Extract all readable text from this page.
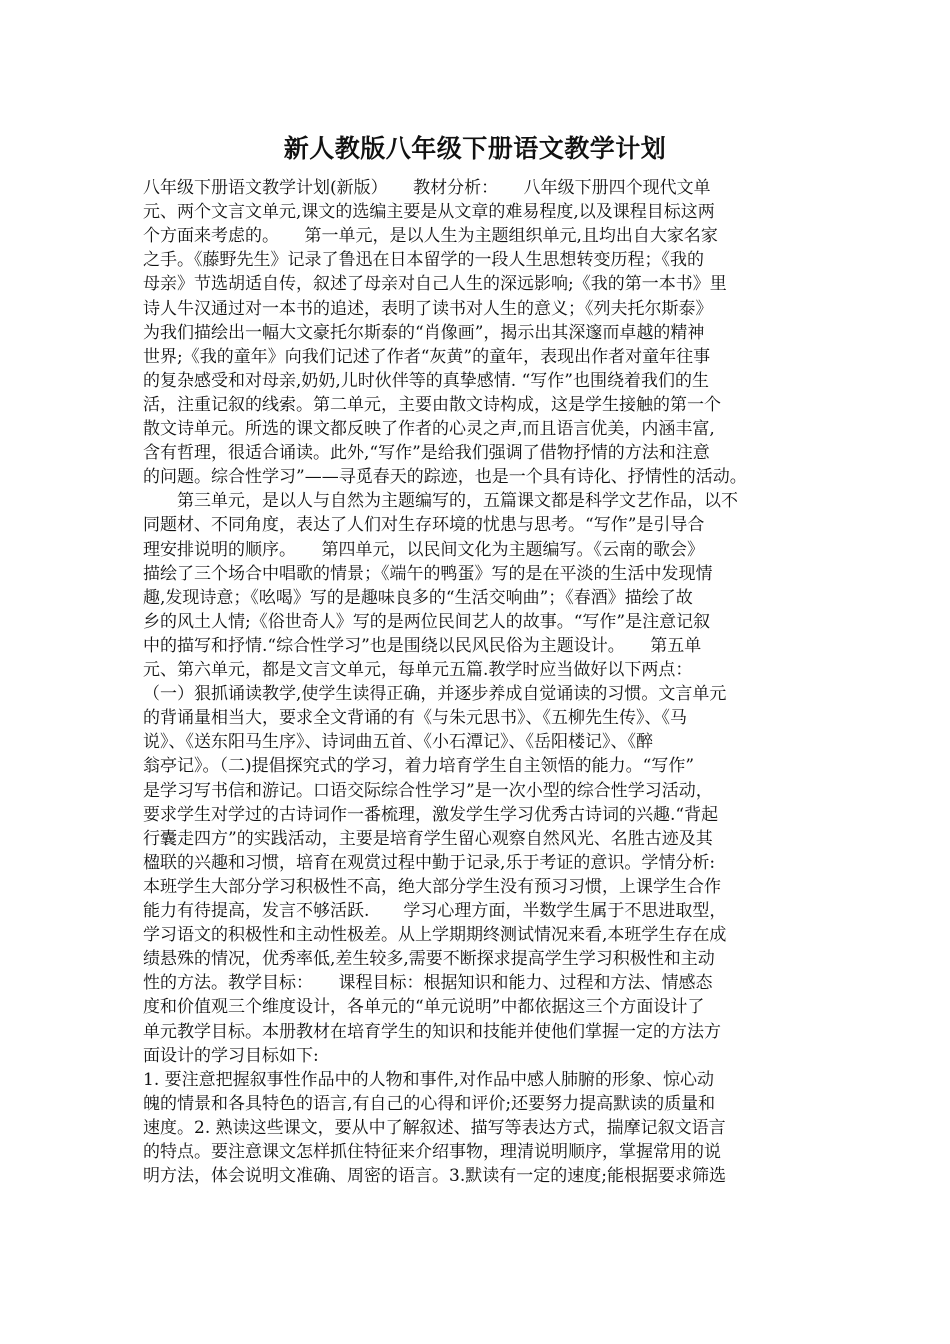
新人教版八年级下册语文教学计划

八年级下册语文教学计划(新版）　　教材分析：　　八年级下册四个现代文单

元、两个文言文单元,课文的选编主要是从文章的难易程度,以及课程目标这两

个方面来考虑的。　　第一单元，是以人生为主题组织单元,且均出自大家名家

之手。《藤野先生》记录了鲁迅在日本留学的一段人生思想转变历程；《我的

母亲》节选胡适自传，叙述了母亲对自己人生的深远影响;《我的第一本书》里

诗人牛汉通过对一本书的追述，表明了读书对人生的意义；《列夫托尔斯泰》

为我们描绘出一幅大文豪托尔斯泰的“肖像画”，揭示出其深邃而卓越的精神

世界;《我的童年》向我们记述了作者“灰黄”的童年，表现出作者对童年往事

的复杂感受和对母亲,奶奶,儿时伙伴等的真挚感情. “写作”也围绕着我们的生

活，注重记叙的线索。第二单元，主要由散文诗构成，这是学生接触的第一个

散文诗单元。所选的课文都反映了作者的心灵之声,而且语言优美，内涵丰富,

含有哲理，很适合诵读。此外,“写作”是给我们强调了借物抒情的方法和注意

的问题。综合性学习”——寻觅春天的踪迹，也是一个具有诗化、抒情性的活动。

　　第三单元，是以人与自然为主题编写的，五篇课文都是科学文艺作品，以不

同题材、不同角度，表达了人们对生存环境的忧患与思考。“写作”是引导合

理安排说明的顺序。　　第四单元，以民间文化为主题编写。《云南的歌会》

描绘了三个场合中唱歌的情景；《端午的鸭蛋》写的是在平淡的生活中发现情

趣,发现诗意；《吆喝》写的是趣味良多的“生活交响曲”；《春酒》描绘了故

乡的风土人情;《俗世奇人》写的是两位民间艺人的故事。“写作”是注意记叙

中的描写和抒情.“综合性学习”也是围绕以民风民俗为主题设计。　　第五单

元、第六单元，都是文言文单元，每单元五篇.教学时应当做好以下两点：

（一）狠抓诵读教学,使学生读得正确，并逐步养成自觉诵读的习惯。文言单元

的背诵量相当大，要求全文背诵的有《与朱元思书》、《五柳先生传》、《马

说》、《送东阳马生序》、诗词曲五首、《小石潭记》、《岳阳楼记》、《醉

翁亭记》。（二)提倡探究式的学习，着力培育学生自主领悟的能力。“写作”

是学习写书信和游记。口语交际综合性学习”是一次小型的综合性学习活动，

要求学生对学过的古诗词作一番梳理，激发学生学习优秀古诗词的兴趣.“背起

行囊走四方”的实践活动，主要是培育学生留心观察自然风光、名胜古迹及其

楹联的兴趣和习惯，培育在观赏过程中勤于记录,乐于考证的意识。学情分析:

本班学生大部分学习积极性不高，绝大部分学生没有预习习惯，上课学生合作

能力有待提高，发言不够活跃.　　学习心理方面，半数学生属于不思进取型，

学习语文的积极性和主动性极差。从上学期期终测试情况来看,本班学生存在成

绩悬殊的情况，优秀率低,差生较多,需要不断探求提高学生学习积极性和主动

性的方法。教学目标：　　课程目标：根据知识和能力、过程和方法、情感态

度和价值观三个维度设计，各单元的“单元说明”中都依据这三个方面设计了

单元教学目标。本册教材在培育学生的知识和技能并使他们掌握一定的方法方

面设计的学习目标如下:

1. 要注意把握叙事性作品中的人物和事件,对作品中感人肺腑的形象、惊心动

魄的情景和各具特色的语言,有自己的心得和评价;还要努力提高默读的质量和

速度。2. 熟读这些课文，要从中了解叙述、描写等表达方式，揣摩记叙文语言

的特点。要注意课文怎样抓住特征来介绍事物，理清说明顺序，掌握常用的说

明方法，体会说明文准确、周密的语言。3.默读有一定的速度;能根据要求筛选
